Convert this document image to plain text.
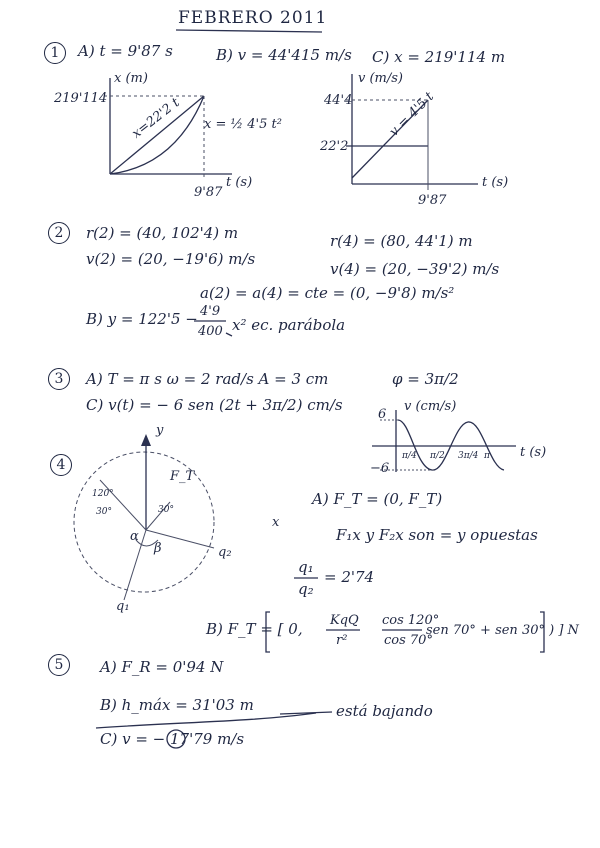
FEBRERO 2011
1	A) t = 9'87 s	B) v = 44'415 m/s C) x = 219'114 m
x (m)
219'114 x=22'2 t x = ½ 4'5 t²
9'87
t (s)
v (m/s)
44'4
22'2
v = 4'5 t
9'87
t (s)
2	r(2) = (40, 102'4) m
v(2) = (20, −19'6) m/s
r(4) = (80, 44'1) m
v(4) = (20, −39'2) m/s
a(2) = a(4) = cte = (0, −9'8) m/s²
B) y = 122'5 − 4'9
400 x² ec. parábola
3	A) T = π s ω = 2 rad/s A = 3 cm	φ = 3π/2
C) v(t) = − 6 sen (2t + 3π/2) cm/s	v (cm/s)
6
−6
t (s)
π/4 π/2 3π/4 π
4
y
x
F_T
q₂
q₁
α
β
30°	30°
120°	A) F_T = (0, F_T)
F₁x y F₂x son = y opuestas
q₁
q₂
= 2'74
B) F_T = [ 0, KqQ
r²
cos 120°
cos 70°
sen 70° + sen 30° ) ] N
5	A) F_R = 0'94 N
B) h_máx = 31'03 m	está bajando
C) v = − 17'79 m/s
